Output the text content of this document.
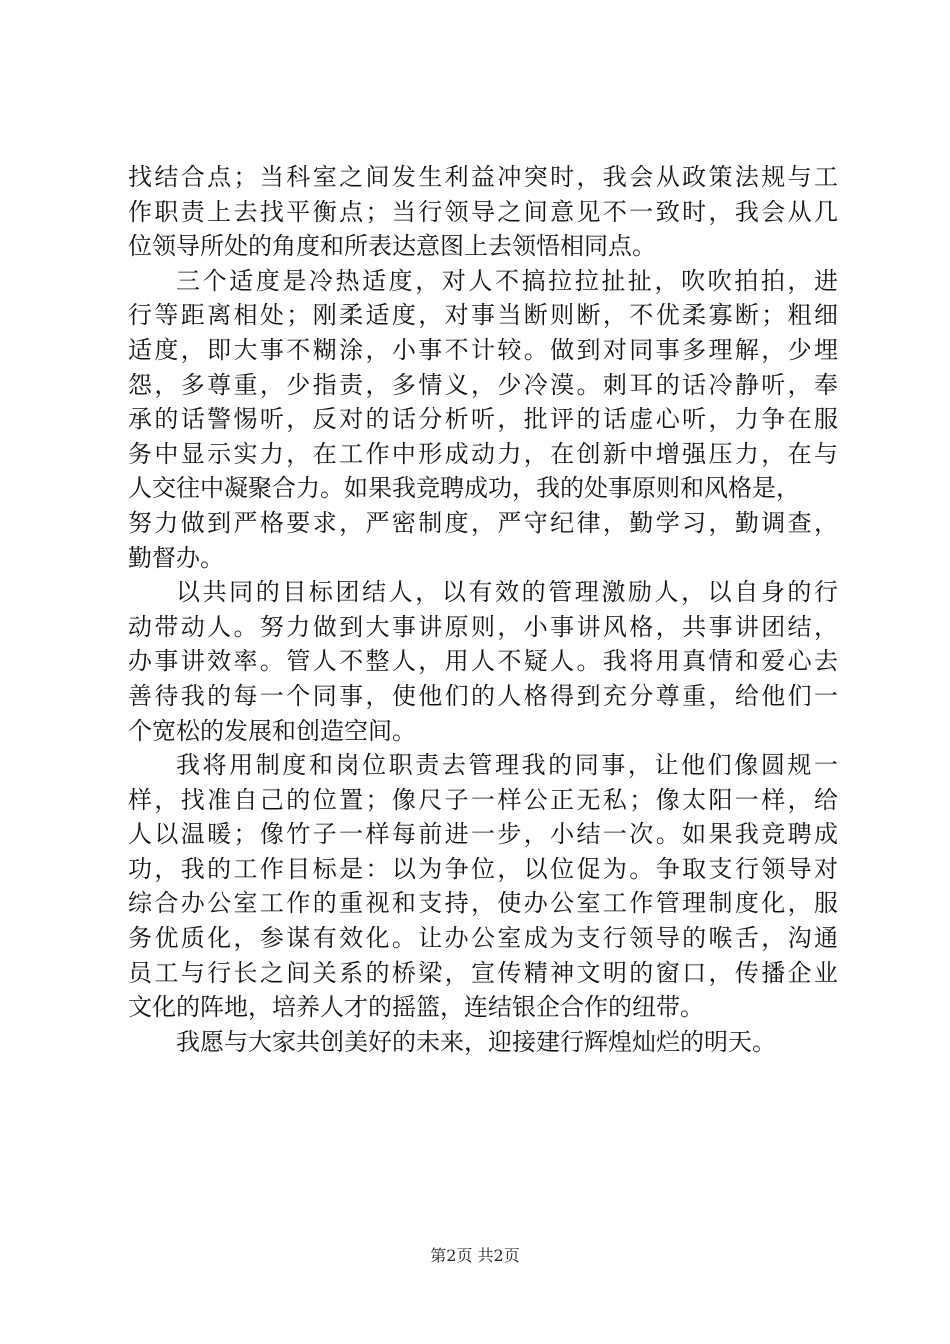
找结合点；当科室之间发生利益冲突时，我会从政策法规与工
作职责上去找平衡点；当行领导之间意见不一致时，我会从几
位领导所处的角度和所表达意图上去领悟相同点。
三个适度是冷热适度，对人不搞拉拉扯扯，吹吹拍拍，进
行等距离相处；刚柔适度，对事当断则断，不优柔寡断；粗细
适度，即大事不糊涂，小事不计较。做到对同事多理解，少埋
怨，多尊重，少指责，多情义，少冷漠。刺耳的话冷静听，奉
承的话警惕听，反对的话分析听，批评的话虚心听，力争在服
务中显示实力，在工作中形成动力，在创新中增强压力，在与
人交往中凝聚合力。如果我竞聘成功，我的处事原则和风格是，
努力做到严格要求，严密制度，严守纪律，勤学习，勤调查，
勤督办。
以共同的目标团结人，以有效的管理激励人，以自身的行
动带动人。努力做到大事讲原则，小事讲风格，共事讲团结，
办事讲效率。管人不整人，用人不疑人。我将用真情和爱心去
善待我的每一个同事，使他们的人格得到充分尊重，给他们一
个宽松的发展和创造空间。
我将用制度和岗位职责去管理我的同事，让他们像圆规一
样，找准自己的位置；像尺子一样公正无私；像太阳一样，给
人以温暖；像竹子一样每前进一步，小结一次。如果我竞聘成
功，我的工作目标是：以为争位，以位促为。争取支行领导对
综合办公室工作的重视和支持，使办公室工作管理制度化，服
务优质化，参谋有效化。让办公室成为支行领导的喉舌，沟通
员工与行长之间关系的桥梁，宣传精神文明的窗口，传播企业
文化的阵地，培养人才的摇篮，连结银企合作的纽带。
我愿与大家共创美好的未来，迎接建行辉煌灿烂的明天。
第2页 共2页
